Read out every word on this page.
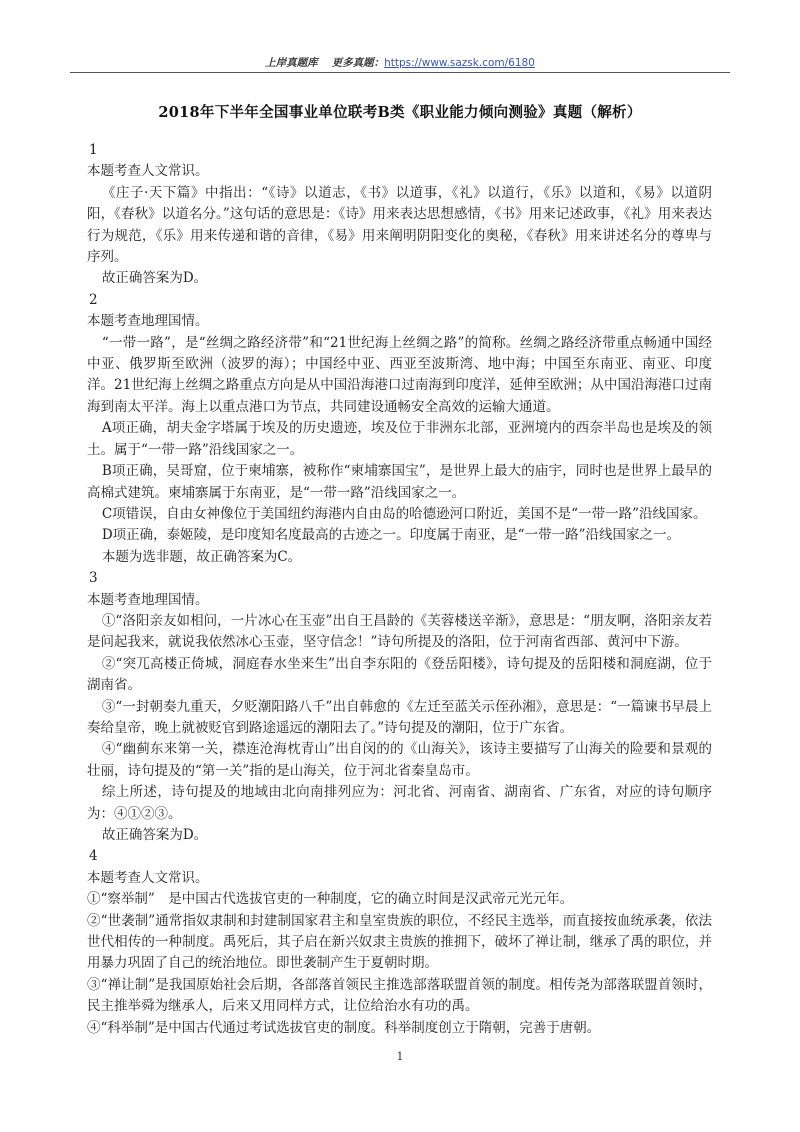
上岸真题库 更多真题：https://www.sazsk.com/6180
2018年下半年全国事业单位联考B类《职业能力倾向测验》真题（解析）

1

本题考查人文常识。

《庄子·天下篇》中指出：“《诗》以道志，《书》以道事，《礼》以道行，《乐》以道和，《易》以道阴阳，《春秋》以道名分。”这句话的意思是：《诗》用来表达思想感情，《书》用来记述政事，《礼》用来表达行为规范，《乐》用来传递和谐的音律，《易》用来阐明阴阳变化的奥秘，《春秋》用来讲述名分的尊卑与序列。

故正确答案为D。

2

本题考查地理国情。

“一带一路”，是“丝绸之路经济带”和“21世纪海上丝绸之路”的简称。丝绸之路经济带重点畅通中国经中亚、俄罗斯至欧洲（波罗的海）；中国经中亚、西亚至波斯湾、地中海；中国至东南亚、南亚、印度洋。21世纪海上丝绸之路重点方向是从中国沿海港口过南海到印度洋，延伸至欧洲；从中国沿海港口过南海到南太平洋。海上以重点港口为节点，共同建设通畅安全高效的运输大通道。

A项正确，胡夫金字塔属于埃及的历史遗迹，埃及位于非洲东北部，亚洲境内的西奈半岛也是埃及的领土。属于“一带一路”沿线国家之一。

B项正确，吴哥窟，位于柬埔寨，被称作“柬埔寨国宝”，是世界上最大的庙宇，同时也是世界上最早的高棉式建筑。柬埔寨属于东南亚，是“一带一路”沿线国家之一。

C项错误，自由女神像位于美国纽约海港内自由岛的哈德逊河口附近，美国不是“一带一路”沿线国家。

D项正确，泰姬陵，是印度知名度最高的古迹之一。印度属于南亚，是“一带一路”沿线国家之一。

本题为选非题，故正确答案为C。

3

本题考查地理国情。

①“洛阳亲友如相问，一片冰心在玉壶”出自王昌龄的《芙蓉楼送辛渐》，意思是：“朋友啊，洛阳亲友若是问起我来，就说我依然冰心玉壶，坚守信念！”诗句所提及的洛阳，位于河南省西部、黄河中下游。

②“突兀高楼正倚城，洞庭春水坐来生”出自李东阳的《登岳阳楼》，诗句提及的岳阳楼和洞庭湖，位于湖南省。

③“一封朝奏九重天，夕贬潮阳路八千”出自韩愈的《左迁至蓝关示侄孙湘》，意思是：“一篇谏书早晨上奏给皇帝，晚上就被贬官到路途遥远的潮阳去了。”诗句提及的潮阳，位于广东省。

④“幽蓟东来第一关，襟连沧海枕青山”出自闵的的《山海关》，该诗主要描写了山海关的险要和景观的壮丽，诗句提及的“第一关”指的是山海关，位于河北省秦皇岛市。

综上所述，诗句提及的地域由北向南排列应为：河北省、河南省、湖南省、广东省，对应的诗句顺序为：④①②③。

故正确答案为D。

4

本题考查人文常识。

①“察举制”　是中国古代选拔官吏的一种制度，它的确立时间是汉武帝元光元年。

②“世袭制”通常指奴隶制和封建制国家君主和皇室贵族的职位，不经民主选举，而直接按血统承袭，依法世代相传的一种制度。禹死后，其子启在新兴奴隶主贵族的推拥下，破坏了禅让制，继承了禹的职位，并用暴力巩固了自己的统治地位。即世袭制产生于夏朝时期。

③“禅让制”是我国原始社会后期，各部落首领民主推选部落联盟首领的制度。相传尧为部落联盟首领时，民主推举舜为继承人，后来又用同样方式，让位给治水有功的禹。

④“科举制”是中国古代通过考试选拔官吏的制度。科举制度创立于隋朝，完善于唐朝。

1
